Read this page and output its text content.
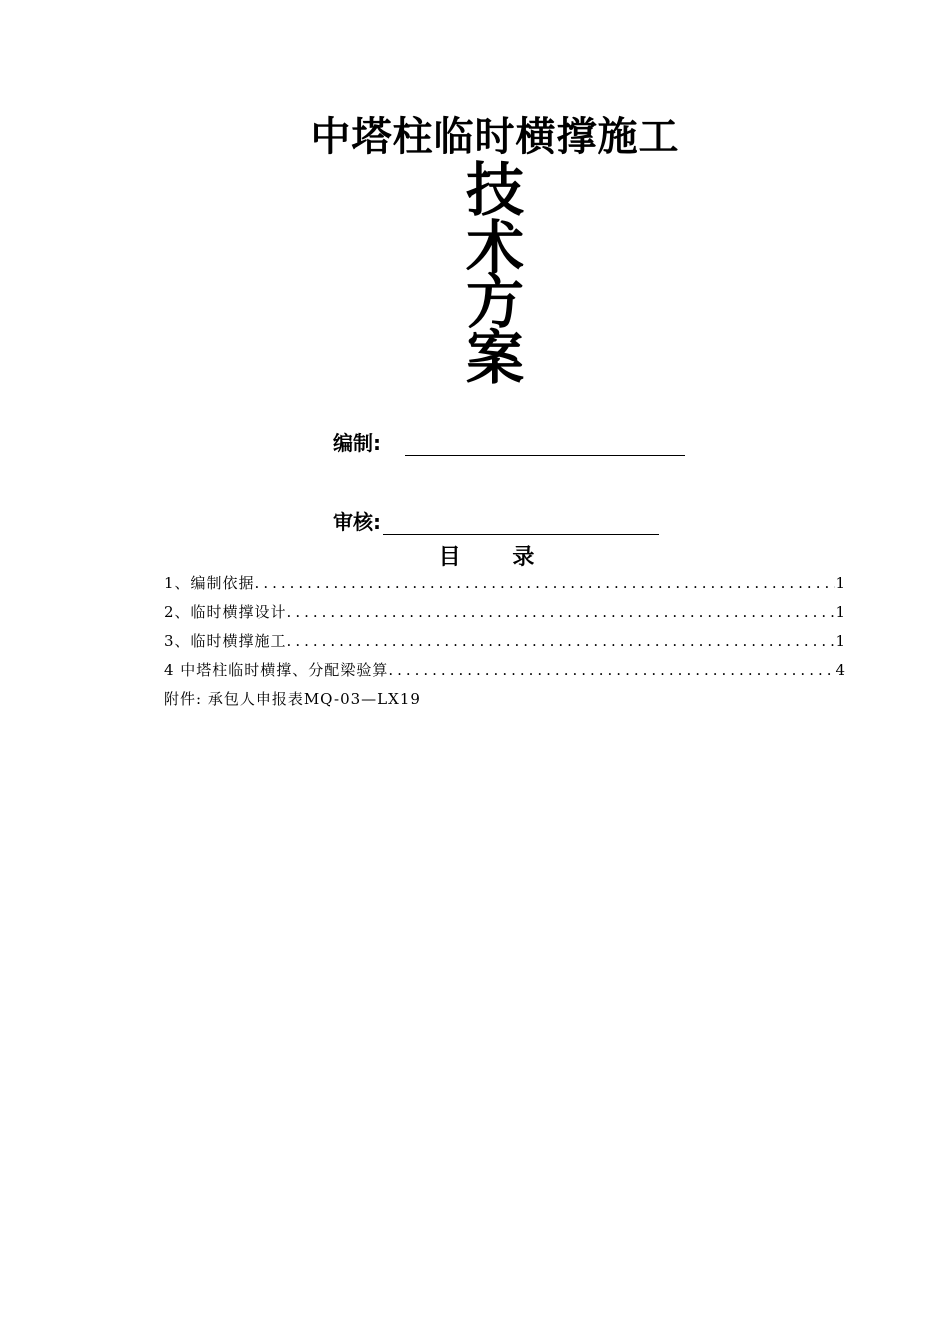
中塔柱临时横撑施工
技
术
方
案
编制:
审核:
目 录
1、编制依据 .....	1
2、临时横撑设计 .....	1
3、临时横撑施工 .....	1
4 中塔柱临时横撑、分配梁验算 .....	4
附件: 承包人申报表MQ-03—LX19
